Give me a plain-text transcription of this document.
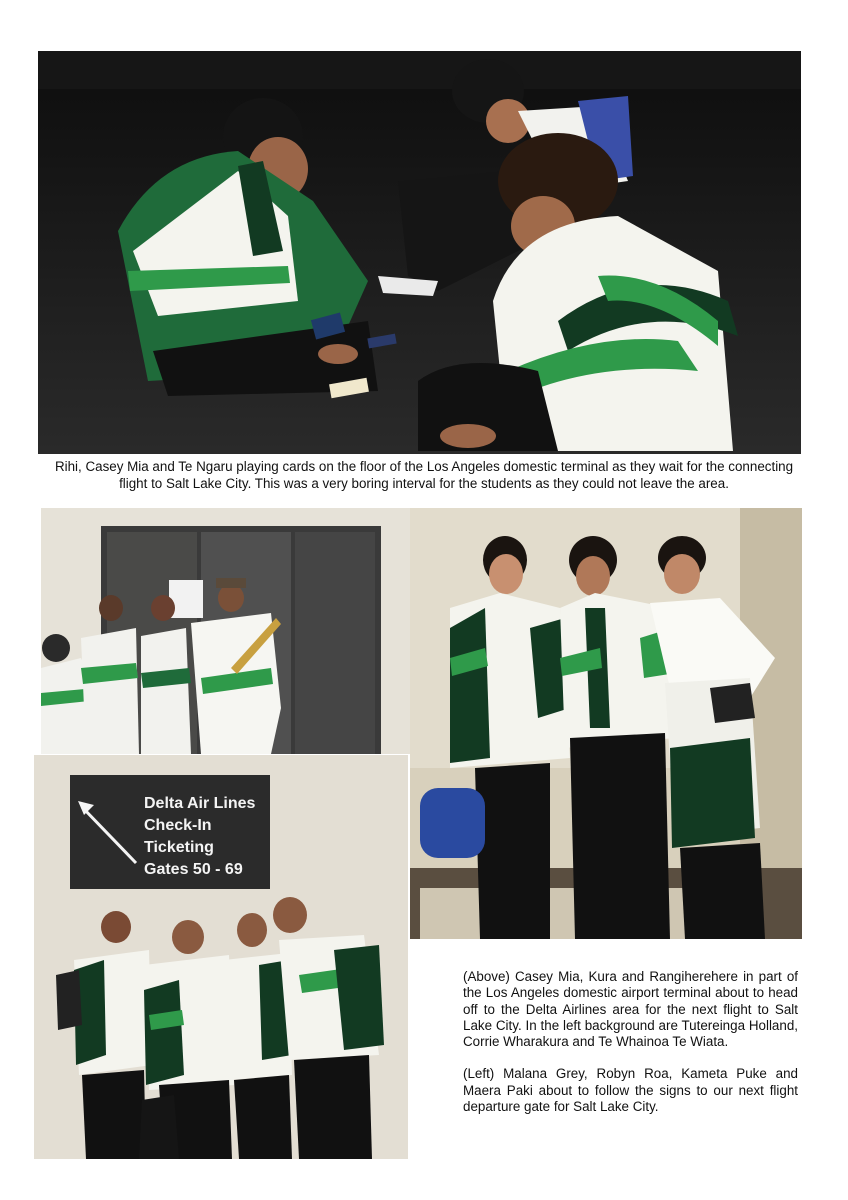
Rihi, Casey Mia and Te Ngaru playing cards on the floor of the Los Angeles domestic terminal as they wait for the connecting flight to Salt Lake City. This was a very boring interval for the students as they could not leave the area.

Delta Air Lines
Check-In
Ticketing
Gates 50 - 69

(Above) Casey Mia, Kura and Rangiherehere in part of the Los Angeles domestic airport terminal about to head off to the Delta Airlines area for the next flight to Salt Lake City. In the left background are Tutereinga Holland, Corrie Wharakura and Te Whainoa Te Wiata.

(Left) Malana Grey, Robyn Roa, Kameta Puke and Maera Paki about to follow the signs to our next flight departure gate for Salt Lake City.
